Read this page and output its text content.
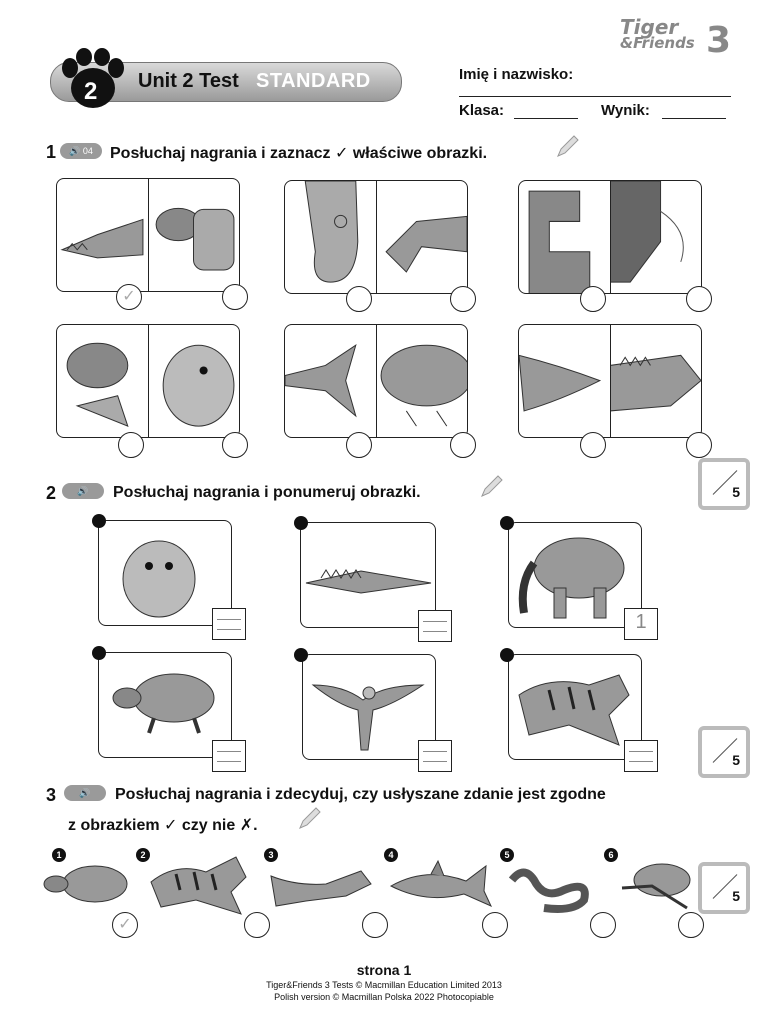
Tiger
&Friends 3
2 Unit 2 Test STANDARD	Imię i nazwisko:
Klasa:	Wynik:
1	🔊 04	Posłuchaj nagrania i zaznacz ✓ właściwe obrazki.
✓
5
2	🔊	Posłuchaj nagrania i ponumeruj obrazki.
1
5
3	🔊	Posłuchaj nagrania i zdecyduj, czy usłyszane zdanie jest zgodne
z obrazkiem ✓ czy nie ✗.
1
✓
2	3	4	5	6
5
strona 1
Tiger&Friends 3 Tests © Macmillan Education Limited 2013
Polish version © Macmillan Polska 2022 Photocopiable
